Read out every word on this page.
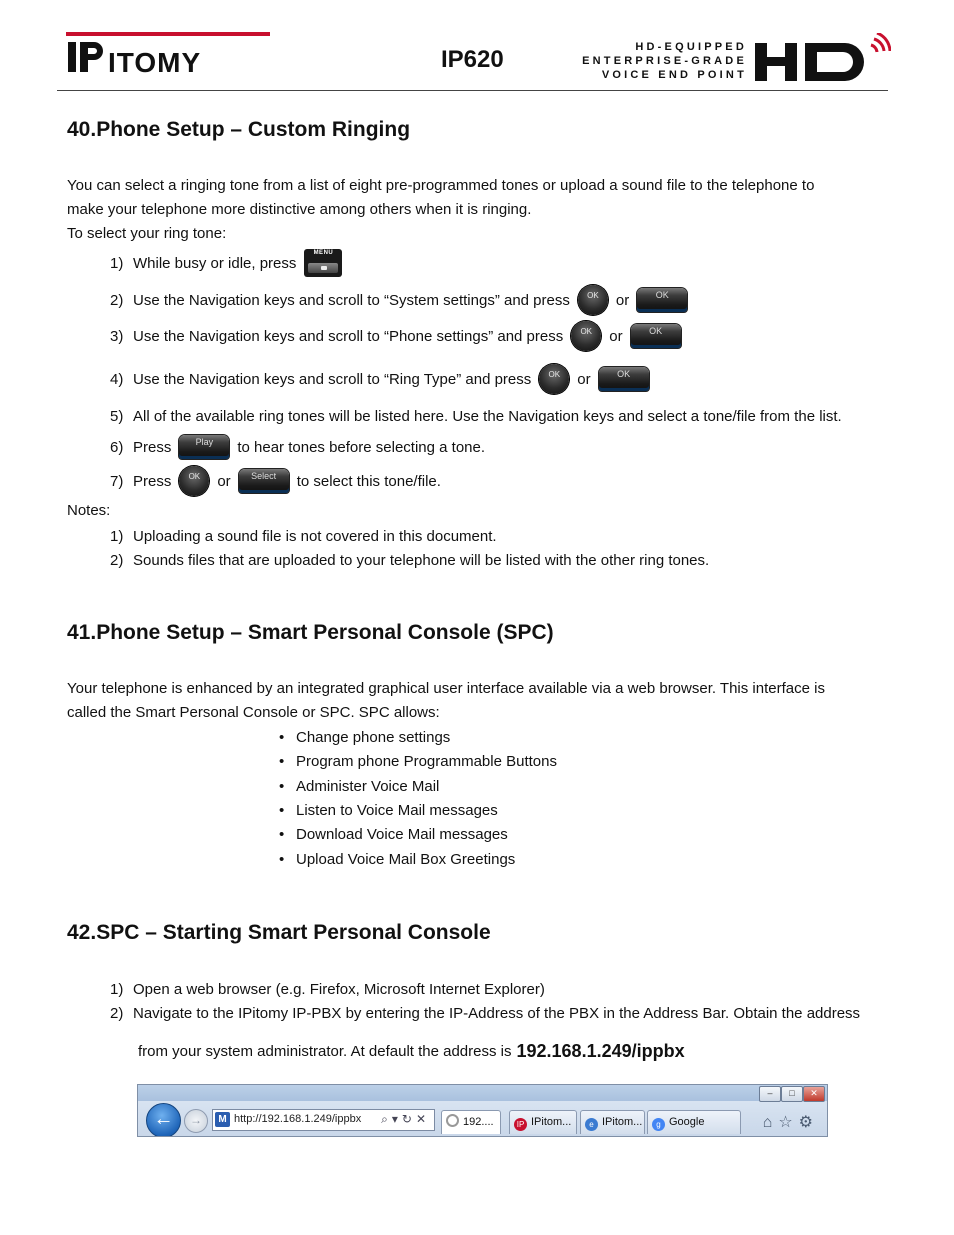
ITOMY	IP620	HD-EQUIPPED
ENTERPRISE-GRADE
VOICE END POINT
40.Phone Setup – Custom Ringing
You can select a ringing tone from a list of eight pre-programmed tones or upload a sound file to the telephone to
make your telephone more distinctive among others when it is ringing.
To select your ring tone:
1) While busy or idle, press
MENU
2) Use the Navigation keys and scroll to “System settings” and press	OK	or	OK
3) Use the Navigation keys and scroll to “Phone settings” and press	OK	or	OK
4) Use the Navigation keys and scroll to “Ring Type” and press	OK	or	OK
5) All of the available ring tones will be listed here. Use the Navigation keys and select a tone/file from the list.
6) Press	Play	to hear tones before selecting a tone.
7) Press	OK	or	Select	to select this tone/file.
Notes:
1) Uploading a sound file is not covered in this document.
2) Sounds files that are uploaded to your telephone will be listed with the other ring tones.
41.Phone Setup – Smart Personal Console (SPC)
Your telephone is enhanced by an integrated graphical user interface available via a web browser. This interface is
called the Smart Personal Console or SPC. SPC allows:
• Change phone settings
• Program phone Programmable Buttons
• Administer Voice Mail
• Listen to Voice Mail messages
• Download Voice Mail messages
• Upload Voice Mail Box Greetings
42.SPC – Starting Smart Personal Console
1) Open a web browser (e.g. Firefox, Microsoft Internet Explorer)
2) Navigate to the IPitomy IP-PBX by entering the IP-Address of the PBX in the Address Bar. Obtain the address
from your system administrator. At default the address is 192.168.1.249/ippbx
–	□	✕
←	→	M http://192.168.1.249/ippbx ⌕▾↻✕	192....	IP IPitom...	e IPitom...	g Google	⌂☆⚙
